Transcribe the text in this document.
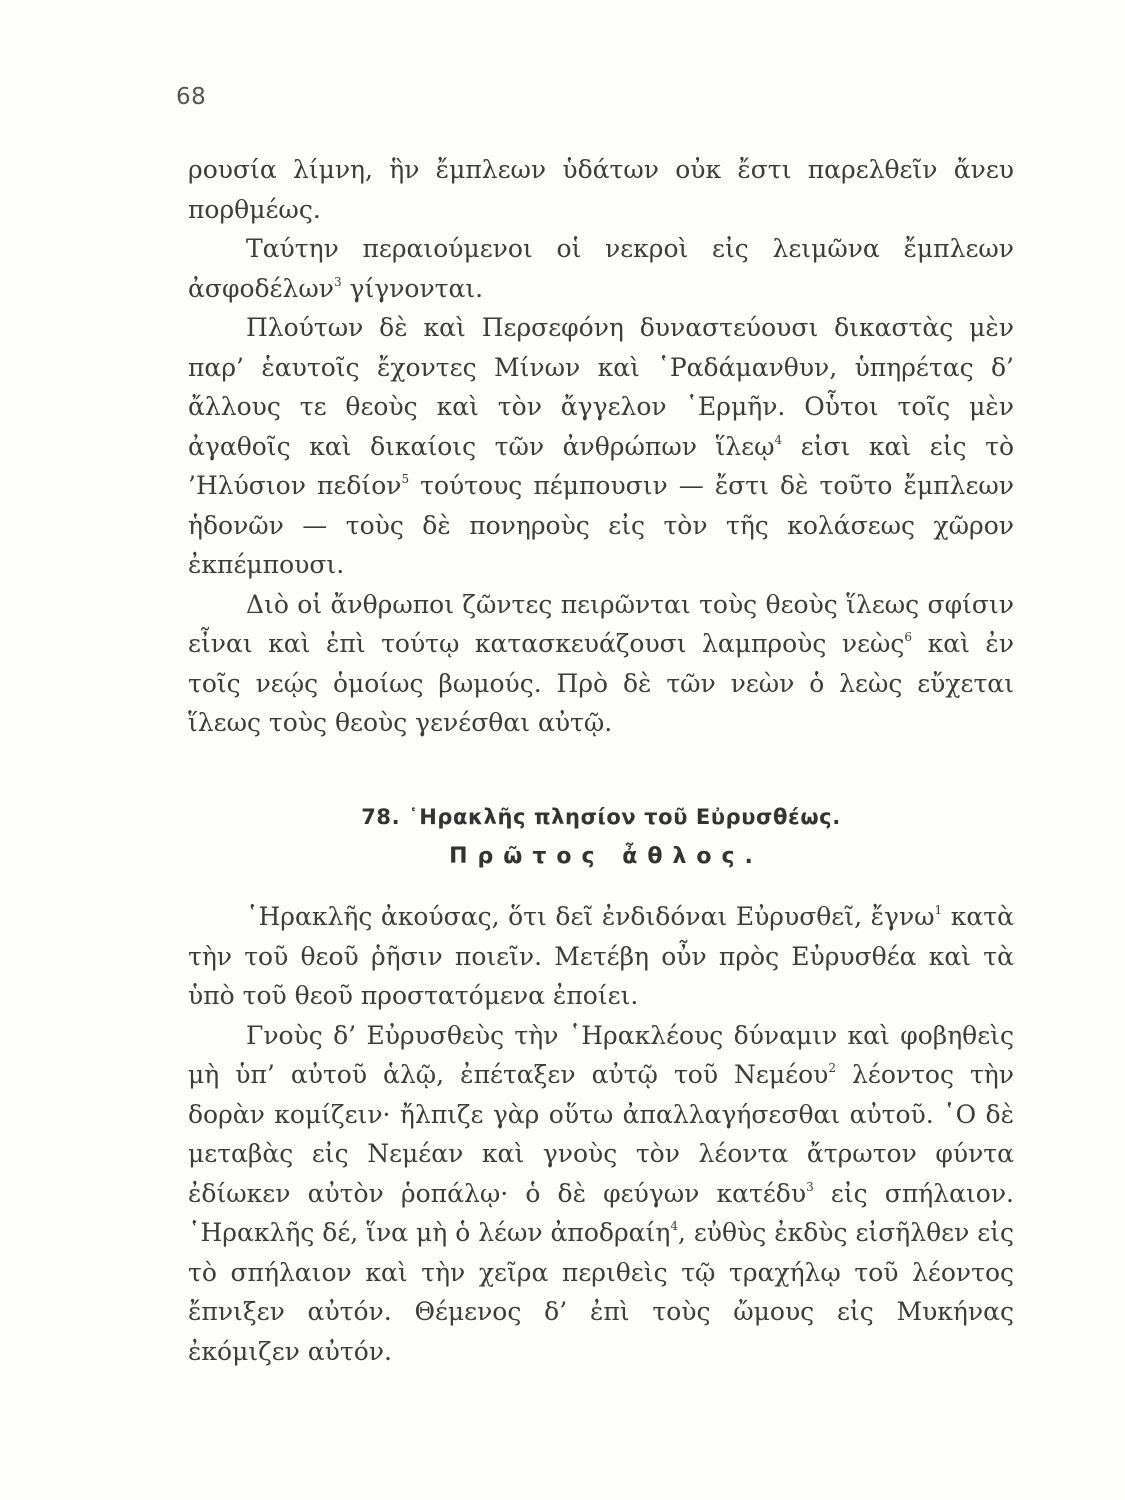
68

ρουσία λίμνη, ἣν ἔμπλεων ὑδάτων οὐκ ἔστι παρελθεῖν ἄνευ πορθμέως.

Ταύτην περαιούμενοι οἱ νεκροὶ εἰς λειμῶνα ἔμπλεων ἀσφοδέλων$^3$ γίγνονται.

Πλούτων δὲ καὶ Περσεφόνη δυναστεύουσι δικαστὰς μὲν παρ’ ἑαυτοῖς ἔχοντες Μίνων καὶ ῾Ραδάμανθυν, ὑπηρέτας δ’ ἄλλους τε θεοὺς καὶ τὸν ἄγγελον ῾Ερμῆν. Οὗτοι τοῖς μὲν ἀγαθοῖς καὶ δικαίοις τῶν ἀνθρώπων ἵλεῳ$^4$ εἰσι καὶ εἰς τὸ ’Ηλύσιον πεδίον$^5$ τούτους πέμπουσιν — ἔστι δὲ τοῦτο ἔμπλεων ἡδονῶν — τοὺς δὲ πονηροὺς εἰς τὸν τῆς κολάσεως χῶρον ἐκπέμπουσι.

Διὸ οἱ ἄνθρωποι ζῶντες πειρῶνται τοὺς θεοὺς ἵλεως σφίσιν εἶναι καὶ ἐπὶ τούτῳ κατασκευάζουσι λαμπροὺς νεὼς$^6$ καὶ ἐν τοῖς νεῴς ὁμοίως βωμούς. Πρὸ δὲ τῶν νεὼν ὁ λεὼς εὔχεται ἵλεως τοὺς θεοὺς γενέσθαι αὐτῷ.

78. ῾Ηρακλῆς πλησίον τοῦ Εὐρυσθέως.
Πρῶτος ἆθλος.

῾Ηρακλῆς ἀκούσας, ὅτι δεῖ ἐνδιδόναι Εὐρυσθεῖ, ἔγνω$^1$ κατὰ τὴν τοῦ θεοῦ ῥῆσιν ποιεῖν. Μετέβη οὖν πρὸς Εὐρυσθέα καὶ τὰ ὑπὸ τοῦ θεοῦ προστατόμενα ἐποίει.

Γνοὺς δ’ Εὐρυσθεὺς τὴν ῾Ηρακλέους δύναμιν καὶ φοβηθεὶς μὴ ὑπ’ αὐτοῦ ἁλῷ, ἐπέταξεν αὐτῷ τοῦ Νεμέου$^2$ λέοντος τὴν δορὰν κομίζειν· ἤλπιζε γὰρ οὕτω ἀπαλλαγήσεσθαι αὐτοῦ. ῾Ο δὲ μεταβὰς εἰς Νεμέαν καὶ γνοὺς τὸν λέοντα ἄτρωτον φύντα ἐδίωκεν αὐτὸν ῥοπάλῳ· ὁ δὲ φεύγων κατέδυ$^3$ εἰς σπήλαιον. ῾Ηρακλῆς δέ, ἵνα μὴ ὁ λέων ἀποδραίη$^4$, εὐθὺς ἐκδὺς εἰσῆλθεν εἰς τὸ σπήλαιον καὶ τὴν χεῖρα περιθεὶς τῷ τραχήλῳ τοῦ λέοντος ἔπνιξεν αὐτόν. Θέμενος δ’ ἐπὶ τοὺς ὤμους εἰς Μυκήνας ἐκόμιζεν αὐτόν.
